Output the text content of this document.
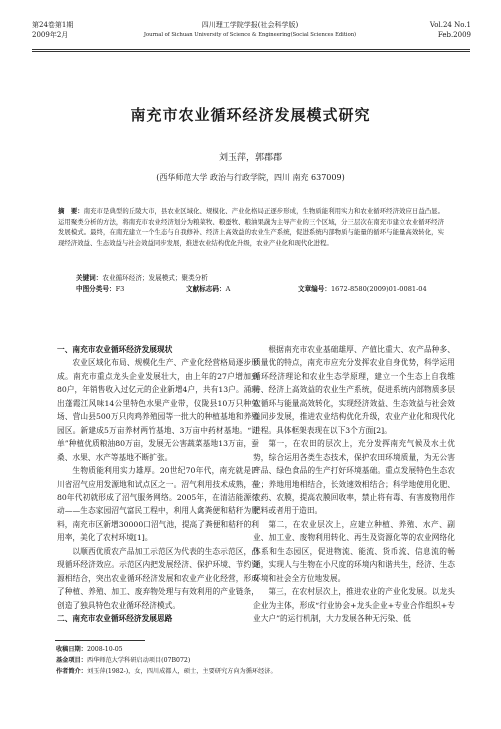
第24卷第1期
2009年2月
四川理工学院学报(社会科学版)
Journal of Sichuan University of Science & Engineering(Social Sciences Edition)
Vol.24 No.1
Feb.2009
南充市农业循环经济发展模式研究
刘玉萍，郭郡郡
(西华师范大学 政治与行政学院，四川 南充 637009)
摘　要：南充市是典型的丘陵大市，县农业区域化、规模化、产业化格局正逐步形成，生物质能利用实力和农业循环经济效应日益凸显。运用聚类分析的方法，将南充市农业经济划分为粮菜牧、粮蚕牧、粮油果蔬为主导产业的三个区域，分三层次在南充市建立农业循环经济发展模式。最终，在南充建立一个生态与自我修补、经济上高效益的农业生产系统，促进系统内部物质与能量的循环与能量高效转化，实现经济效益、生态效益与社会效益同步发展，推进农业结构优化升级，农业产业化和现代化进程。
关键词：农业循环经济；发展模式；聚类分析
中图分类号：F3	文献标志码：A	文章编号：1672-8580(2009)01-0081-04
一、南充市农业循环经济发展现状

农业区域化布局、规模化生产、产业化经营格局逐步形成。南充市重点龙头企业发展壮大，由上年的27户增加到80户，年销售收入过亿元的企业新增4户，共有13户。涌现出蓬霞江风味14公里特色水果产业带，仪陇县10万只种兔场、营山县500万只肉鸡养殖园等一批大的种植基地和养殖园区。新建成5万亩养材两竹基地、3万亩中药材基地。“订单”种植优质粮油80万亩，发展无公害蔬菜基地13万亩，蚕桑、水果、水产等基地不断扩张。

生物质能利用实力雄厚。20世纪70年代，南充就是四川省沼气应用发源地和试点区之一。沼气利用技术成熟，在80年代初就形成了沼气服务网络。2005年，在清洁能源行动——生态家园沼气富民工程中，利用人禽粪便和秸秆为原料，南充市区新增30000口沼气池，提高了粪便和秸秆的利用率，美化了农村环境[1]。

以顺西优质农产品加工示范区为代表的生态示范区，凸现循环经济效应。示范区内把发展经济、保护环境、节约资源相结合，突出农业循环经济发展和农业产业化经营，形成了种植、养殖、加工、废弃物处理与有效利用的产业链条，创造了独具特色农业循环经济模式。

二、南充市农业循环经济发展思路

根据南充市农业基础雄厚、产值比重大、农产品种多、质量优的特点，南充市应充分发挥农业自身优势，科学运用循环经济理论和农业生态学原理，建立一个生态上自我维持、经济上高效益的农业生产系统，促进系统内部物质多层次循环与能量高效转化，实现经济效益、生态效益与社会效益同步发展，推进农业结构优化升级，农业产业化和现代化进程。具体框架表现在以下3个方面[2]。

第一，在农田的层次上，充分发挥南充气候及水土优势，综合运用各类生态技术，保护农田环境质量，为无公害产品、绿色食品的生产打好环境基础。重点发展特色生态农业；养地用地相结合，长效速效相结合；科学地使用化肥、农药、农膜，提高农膜回收率，禁止将有毒、有害废物用作肥料或者用于造田。

第二，在农业层次上，应建立种植、养殖、水产、副业、加工业、废物利用转化、再生及资源化等的农业网络化体系和生态园区，促进物流、能流、货币流、信息流的畅通，实现人与生物在小尺度的环境内和谐共生，经济、生态环境和社会全方位地发展。

第三，在农村层次上，推进农业的产业化发展。以龙头企业为主体，形成“行业协会+龙头企业+专业合作组织+专业大户”的运行机制，大力发展各种无污染、低

收稿日期：2008-10-05
基金项目：西华师范大学科研启动项目(07B072)
作者简介：刘玉萍(1982-)，女，四川成都人，硕士，主要研究方向为循环经济。
